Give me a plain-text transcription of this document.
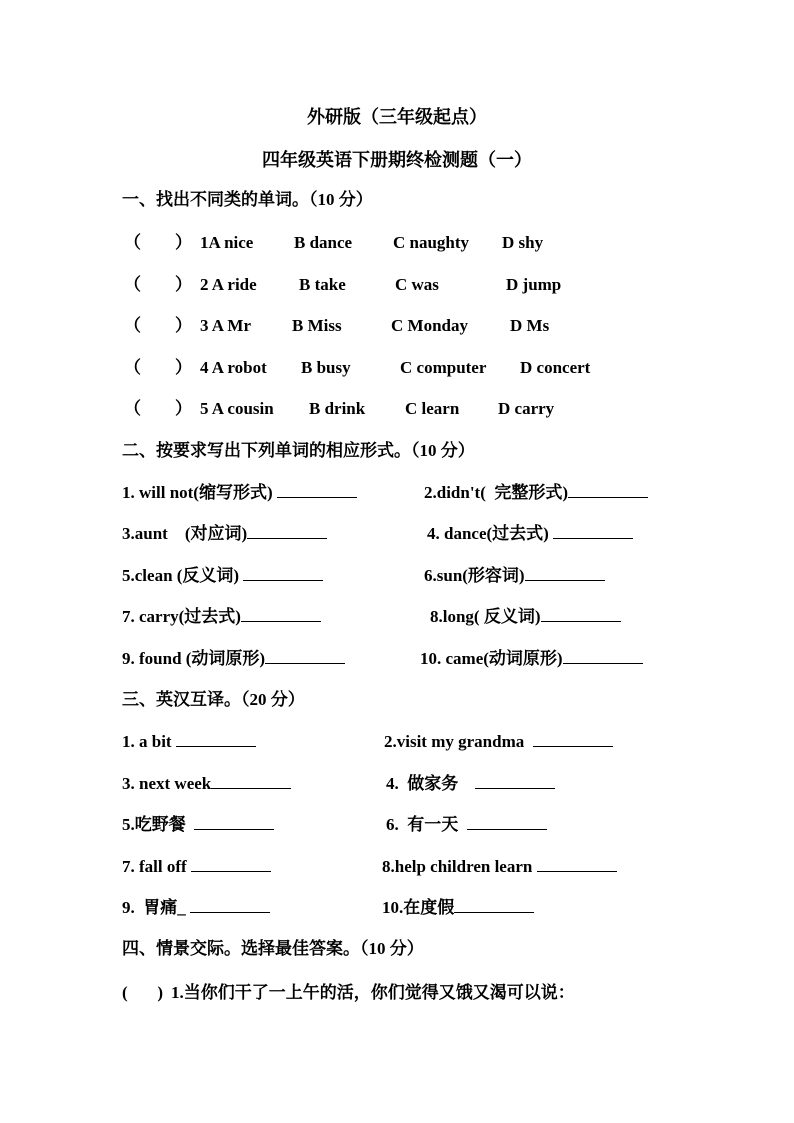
外研版（三年级起点）
四年级英语下册期终检测题（一）
一、找出不同类的单词。（10 分）
（　　） 1A nice B dance C naughty D shy
（　　） 2 A ride B take	C was	D jump
（　　） 3 A Mr B Miss	C Monday D Ms
（　　） 4 A robot B busy	C computer D concert
（　　） 5 A cousin B drink C learn D carry
二、按要求写出下列单词的相应形式。（10 分）
1. will not(缩写形式)	2.didn't(  完整形式)
3.aunt    (对应词)	4. dance(过去式)
5.clean (反义词)	6.sun(形容词)
7. carry(过去式)	8.long( 反义词)
9. found (动词原形)	10. came(动词原形)
三、英汉互译。（20 分）
1. a bit	2.visit my grandma
3. next week	4.  做家务
5.吃野餐	6.  有一天
7. fall off	8.help children learn
9.  胃痛_	10.在度假
四、情景交际。选择最佳答案。（10 分）
(       ) 1.当你们干了一上午的活，你们觉得又饿又渴可以说：
